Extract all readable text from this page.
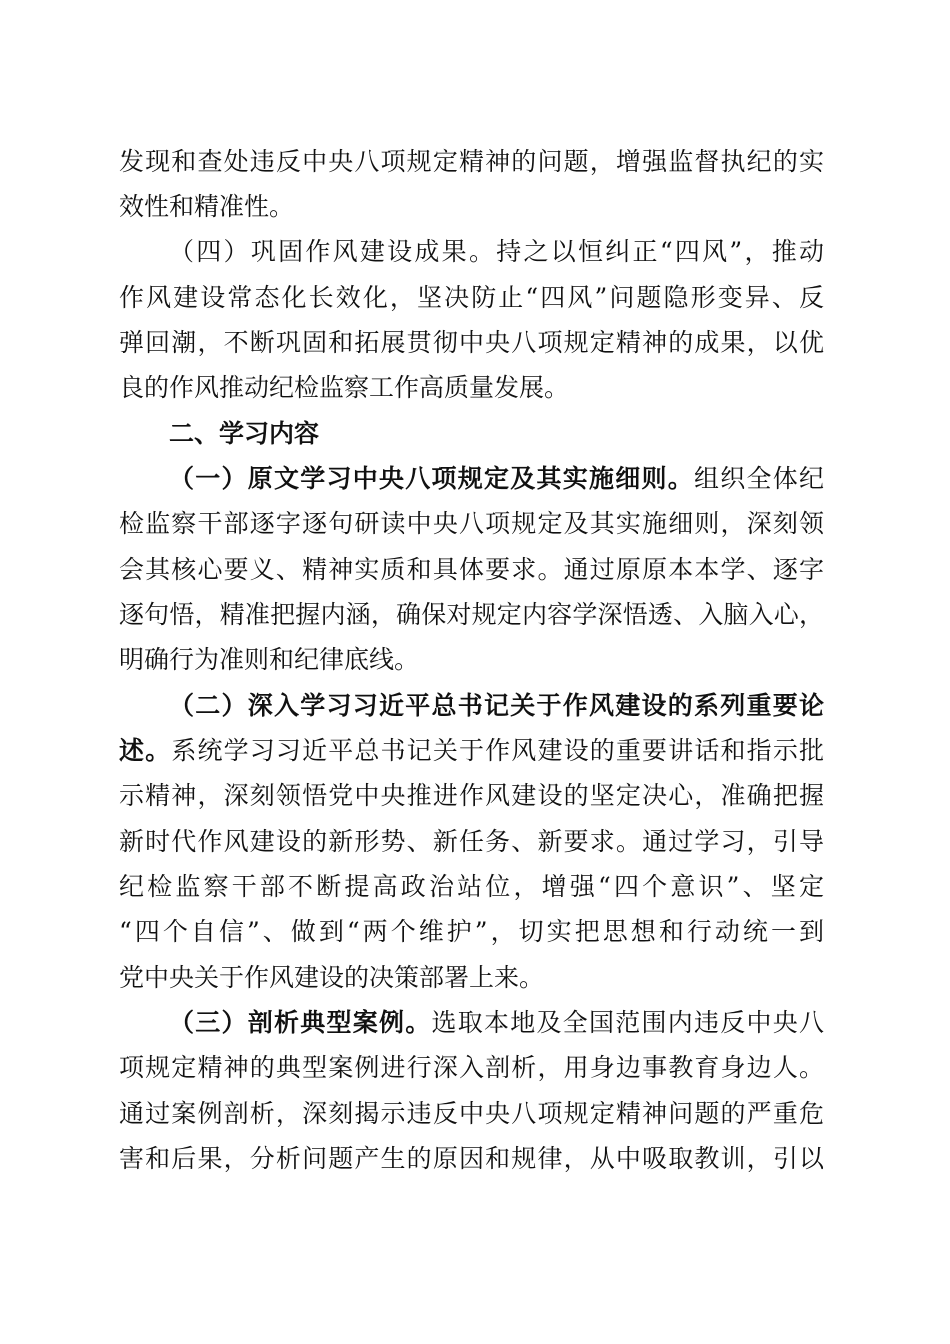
发现和查处违反中央八项规定精神的问题，增强监督执纪的实
效性和精准性。
（四）巩固作风建设成果。持之以恒纠正“四风”，推动
作风建设常态化长效化，坚决防止“四风”问题隐形变异、反
弹回潮，不断巩固和拓展贯彻中央八项规定精神的成果，以优
良的作风推动纪检监察工作高质量发展。
二、学习内容
（一）原文学习中央八项规定及其实施细则。组织全体纪
检监察干部逐字逐句研读中央八项规定及其实施细则，深刻领
会其核心要义、精神实质和具体要求。通过原原本本学、逐字
逐句悟，精准把握内涵，确保对规定内容学深悟透、入脑入心，
明确行为准则和纪律底线。
（二）深入学习习近平总书记关于作风建设的系列重要论
述。系统学习习近平总书记关于作风建设的重要讲话和指示批
示精神，深刻领悟党中央推进作风建设的坚定决心，准确把握
新时代作风建设的新形势、新任务、新要求。通过学习，引导
纪检监察干部不断提高政治站位，增强“四个意识”、坚定
“四个自信”、做到“两个维护”，切实把思想和行动统一到
党中央关于作风建设的决策部署上来。
（三）剖析典型案例。选取本地及全国范围内违反中央八
项规定精神的典型案例进行深入剖析，用身边事教育身边人。
通过案例剖析，深刻揭示违反中央八项规定精神问题的严重危
害和后果，分析问题产生的原因和规律，从中吸取教训，引以
